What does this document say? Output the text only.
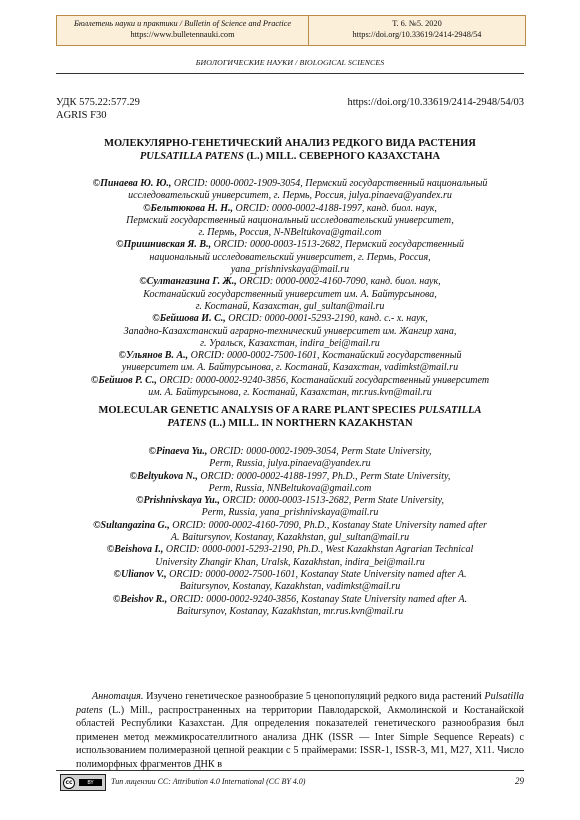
Бюллетень науки и практики / Bulletin of Science and Practice
https://www.bulletennauki.com
Т. 6. №5. 2020
https://doi.org/10.33619/2414-2948/54
БИОЛОГИЧЕСКИЕ НАУКИ / BIOLOGICAL SCIENCES
УДК 575.22:577.29
AGRIS F30
https://doi.org/10.33619/2414-2948/54/03
МОЛЕКУЛЯРНО-ГЕНЕТИЧЕСКИЙ АНАЛИЗ РЕДКОГО ВИДА РАСТЕНИЯ
PULSATILLA PATENS (L.) MILL. СЕВЕРНОГО КАЗАХСТАНА
©Пинаева Ю. Ю., ORCID: 0000-0002-1909-3054, Пермский государственный национальный
исследовательский университет, г. Пермь, Россия, julya.pinaeva@yandex.ru
©Бельтюкова Н. Н., ORCID: 0000-0002-4188-1997, канд. биол. наук,
Пермский государственный национальный исследовательский университет,
г. Пермь, Россия, N-NBeltukova@gmail.com
©Пришнивская Я. В., ORCID: 0000-0003-1513-2682, Пермский государственный
национальный исследовательский университет, г. Пермь, Россия,
yana_prishnivskaya@mail.ru
©Султангазина Г. Ж., ORCID: 0000-0002-4160-7090, канд. биол. наук,
Костанайский государственный университет им. А. Байтурсынова,
г. Костанай, Казахстан, gul_sultan@mail.ru
©Бейшова И. С., ORCID: 0000-0001-5293-2190, канд. с.- х. наук,
Западно-Казахстанский аграрно-технический университет им. Жангир хана,
г. Уральск, Казахстан, indira_bei@mail.ru
©Ульянов В. А., ORCID: 0000-0002-7500-1601, Костанайский государственный
университет им. А. Байтурсынова, г. Костанай, Казахстан, vadimkst@mail.ru
©Бейшов Р. С., ORCID: 0000-0002-9240-3856, Костанайский государственный университет
им. А. Байтурсынова, г. Костанай, Казахстан, mr.rus.kvn@mail.ru
MOLECULAR GENETIC ANALYSIS OF A RARE PLANT SPECIES PULSATILLA
PATENS (L.) MILL. IN NORTHERN KAZAKHSTAN
©Pinaeva Yu., ORCID: 0000-0002-1909-3054, Perm State University,
Perm, Russia, julya.pinaeva@yandex.ru
©Beltyukova N., ORCID: 0000-0002-4188-1997, Ph.D., Perm State University,
Perm, Russia, NNBeltukova@gmail.com
©Prishnivskaya Yu., ORCID: 0000-0003-1513-2682, Perm State University,
Perm, Russia, yana_prishnivskaya@mail.ru
©Sultangazina G., ORCID: 0000-0002-4160-7090, Ph.D., Kostanay State University named after
A. Baitursynov, Kostanay, Kazakhstan, gul_sultan@mail.ru
©Beishova I., ORCID: 0000-0001-5293-2190, Ph.D., West Kazakhstan Agrarian Technical
University Zhangir Khan, Uralsk, Kazakhstan, indira_bei@mail.ru
©Ulianov V., ORCID: 0000-0002-7500-1601, Kostanay State University named after A.
Baitursynov, Kostanay, Kazakhstan, vadimkst@mail.ru
©Beishov R., ORCID: 0000-0002-9240-3856, Kostanay State University named after A.
Baitursynov, Kostanay, Kazakhstan, mr.rus.kvn@mail.ru
Аннотация. Изучено генетическое разнообразие 5 ценопопуляций редкого вида растений Pulsatilla patens (L.) Mill., распространенных на территории Павлодарской, Акмолинской и Костанайской областей Республики Казахстан. Для определения показателей генетического разнообразия был применен метод межмикросателлитного анализа ДНК (ISSR — Inter Simple Sequence Repeats) с использованием полимеразной цепной реакции с 5 праймерами: ISSR-1, ISSR-3, M1, M27, X11. Число полиморфных фрагментов ДНК в
cc	BY	Тип лицензии CC: Attribution 4.0 International (CC BY 4.0)	29
